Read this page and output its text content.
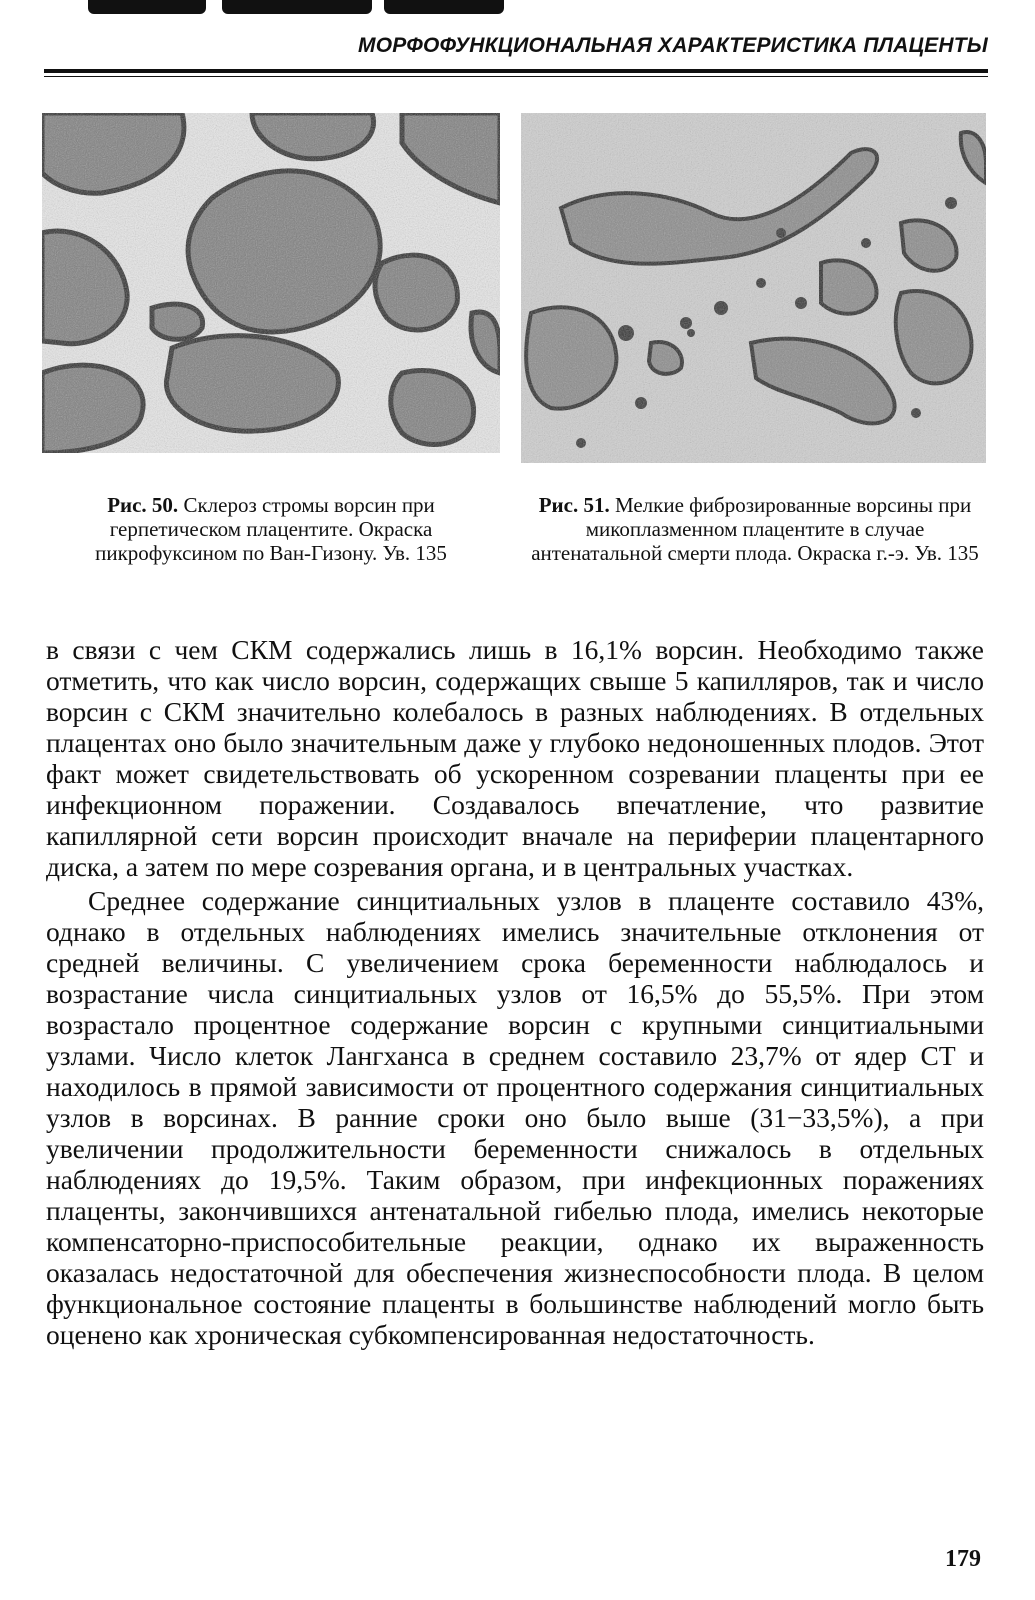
МОРФОФУНКЦИОНАЛЬНАЯ ХАРАКТЕРИСТИКА ПЛАЦЕНТЫ
Рис. 50. Склероз стромы ворсин при герпетическом плацентите. Окраска пикрофуксином по Ван-Гизону. Ув. 135
Рис. 51. Мелкие фиброзированные ворсины при микоплазменном плацентите в случае антенатальной смерти плода. Окраска г.-э. Ув. 135

в связи с чем СКМ содержались лишь в 16,1% ворсин. Необходимо также отметить, что как число ворсин, содержащих свыше 5 капилляров, так и число ворсин с СКМ значительно колебалось в разных наблюдениях. В отдельных плацентах оно было значительным даже у глубоко недоношенных плодов. Этот факт может свидетельствовать об ускоренном созревании плаценты при ее инфекционном поражении. Создавалось впечатление, что развитие капиллярной сети ворсин происходит вначале на периферии плацентарного диска, а затем по мере созревания органа, и в центральных участках.

Среднее содержание синцитиальных узлов в плаценте составило 43%, однако в отдельных наблюдениях имелись значительные отклонения от средней величины. С увеличением срока беременности наблюдалось и возрастание числа синцитиальных узлов от 16,5% до 55,5%. При этом возрастало процентное содержание ворсин с крупными синцитиальными узлами. Число клеток Лангханса в среднем составило 23,7% от ядер СТ и находилось в прямой зависимости от процентного содержания синцитиальных узлов в ворсинах. В ранние сроки оно было выше (31−33,5%), а при увеличении продолжительности беременности снижалось в отдельных наблюдениях до 19,5%. Таким образом, при инфекционных поражениях плаценты, закончившихся антенатальной гибелью плода, имелись некоторые компенсаторно-приспособительные реакции, однако их выраженность оказалась недостаточной для обеспечения жизнеспособности плода. В целом функциональное состояние плаценты в большинстве наблюдений могло быть оценено как хроническая субкомпенсированная недостаточность.

179
